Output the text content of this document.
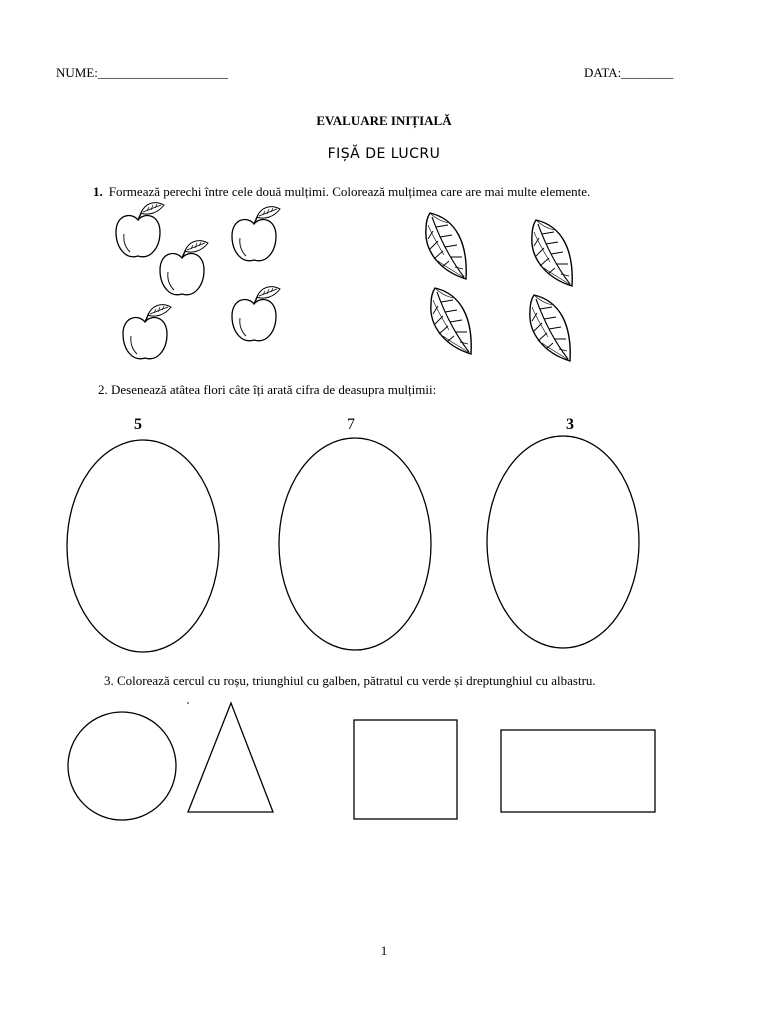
NUME:____________________	DATA:________
EVALUARE INIȚIALĂ
FIȘĂ DE LUCRU
1. Formează perechi între cele două mulțimi. Colorează mulțimea care are mai multe elemente.
2. Desenează atâtea flori câte îți arată cifra de deasupra mulțimii:
5	7	3
3. Colorează cercul cu roșu, triunghiul cu galben, pătratul cu verde și dreptunghiul cu albastru.
1
